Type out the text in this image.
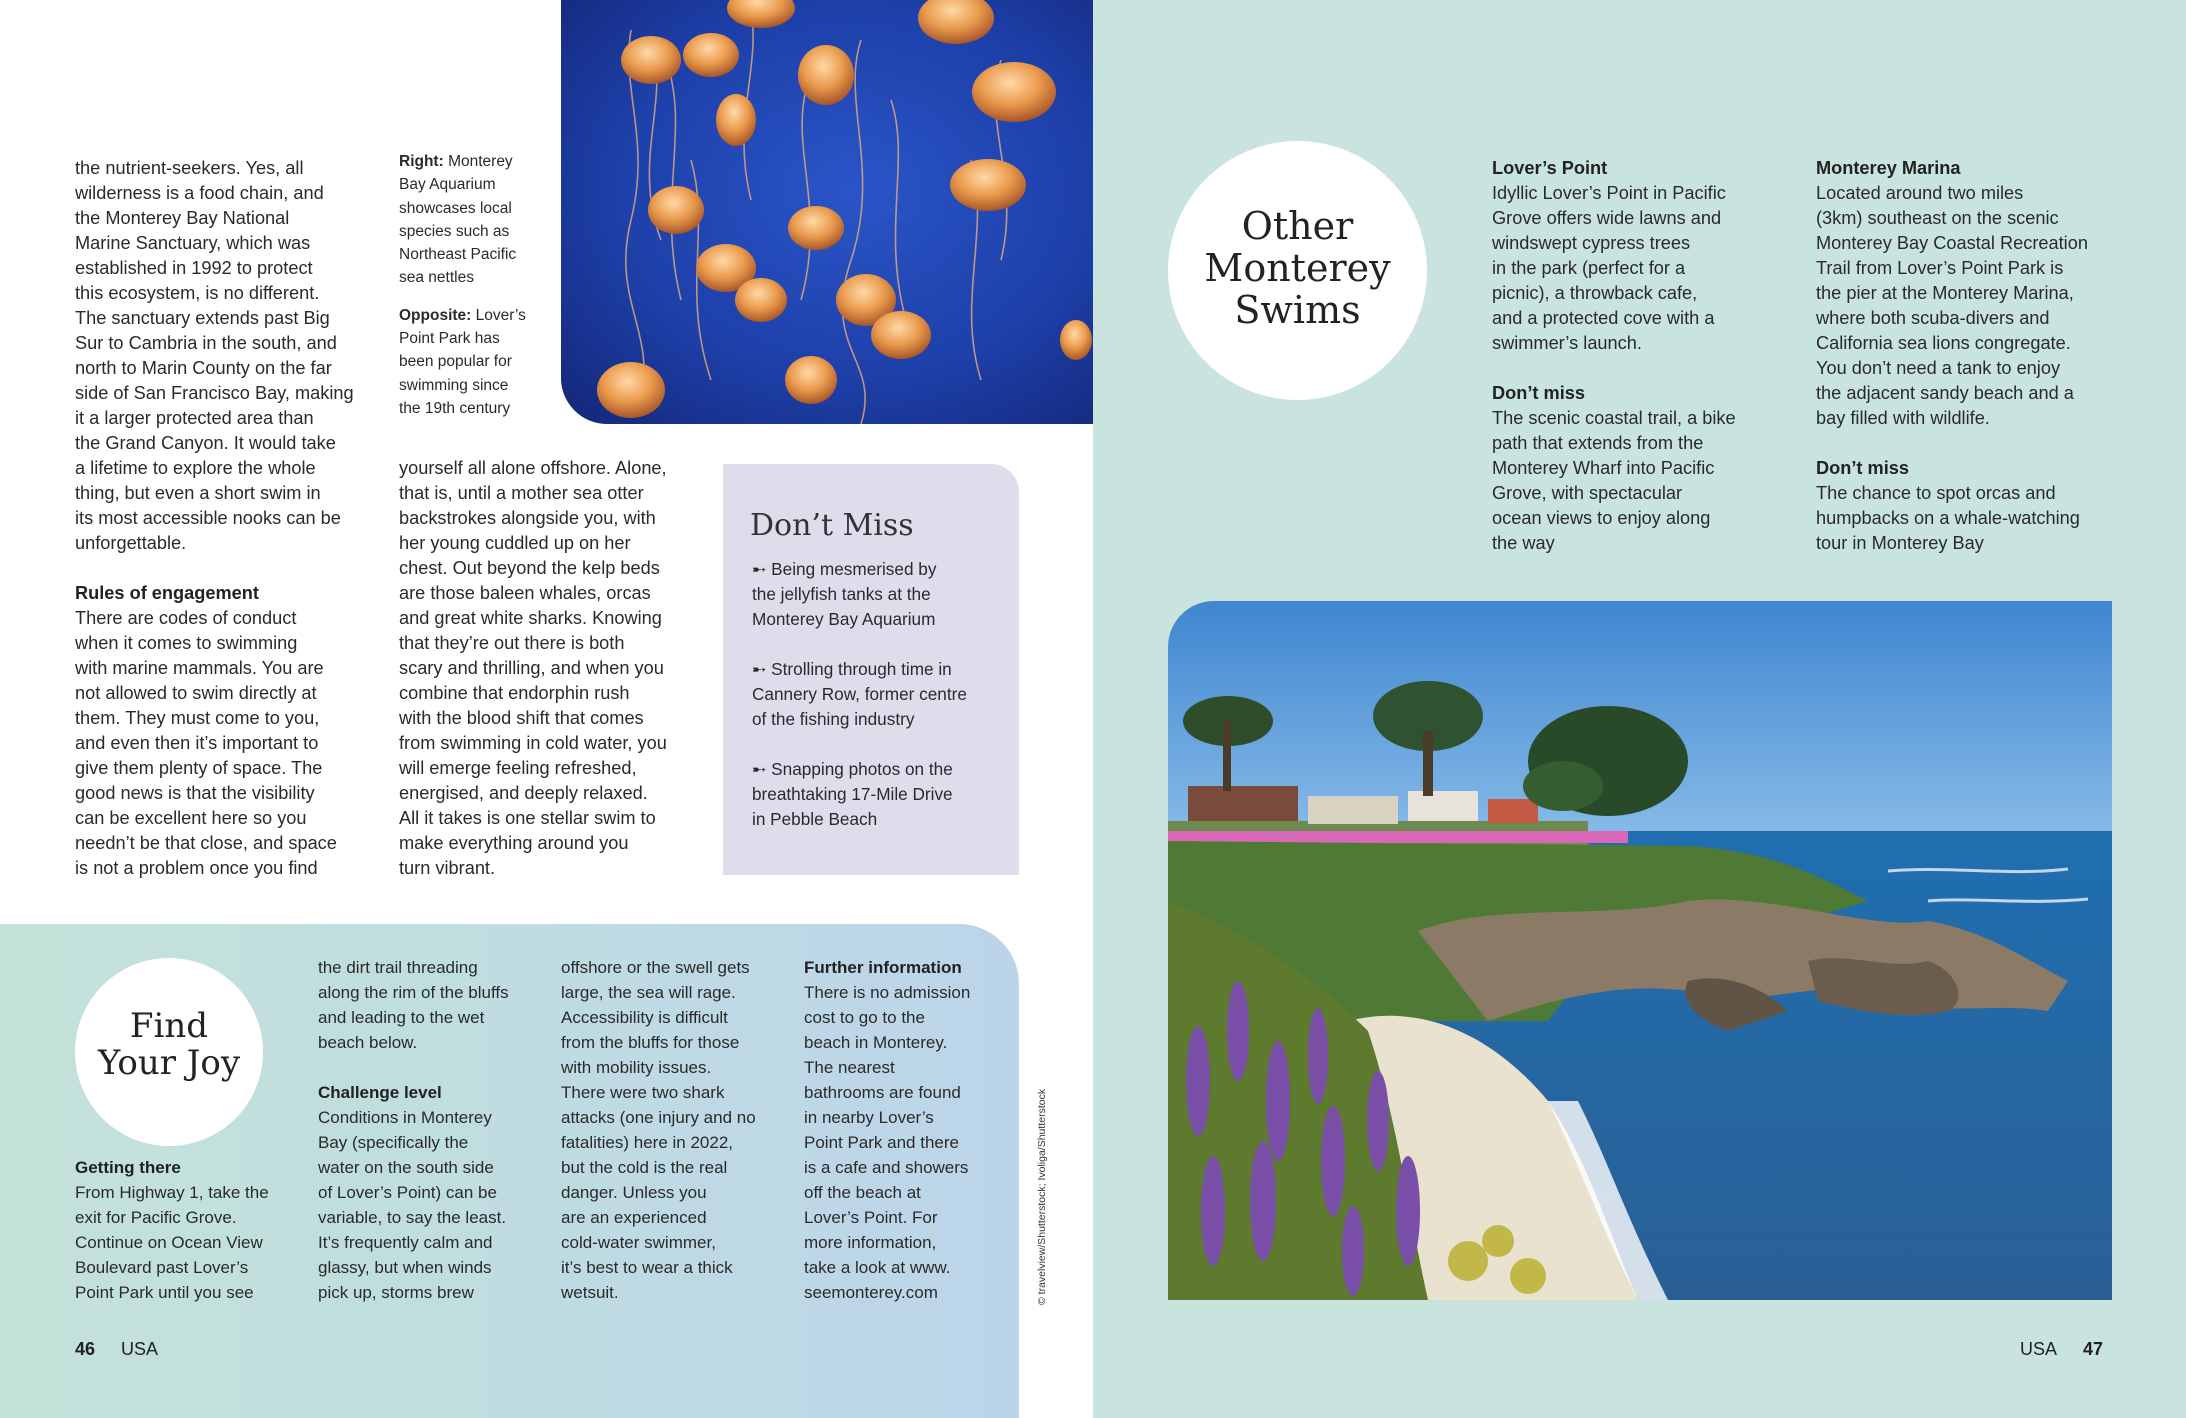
the nutrient-seekers. Yes, all
wilderness is a food chain, and
the Monterey Bay National
Marine Sanctuary, which was
established in 1992 to protect
this ecosystem, is no different.
The sanctuary extends past Big
Sur to Cambria in the south, and
north to Marin County on the far
side of San Francisco Bay, making
it a larger protected area than
the Grand Canyon. It would take
a lifetime to explore the whole
thing, but even a short swim in
its most accessible nooks can be
unforgettable.

Rules of engagement

There are codes of conduct
when it comes to swimming
with marine mammals. You are
not allowed to swim directly at
them. They must come to you,
and even then it’s important to
give them plenty of space. The
good news is that the visibility
can be excellent here so you
needn’t be that close, and space
is not a problem once you find
Right: Monterey
Bay Aquarium
showcases local
species such as
Northeast Pacific
sea nettles
Opposite: Lover’s
Point Park has
been popular for
swimming since
the 19th century
yourself all alone offshore. Alone,
that is, until a mother sea otter
backstrokes alongside you, with
her young cuddled up on her
chest. Out beyond the kelp beds
are those baleen whales, orcas
and great white sharks. Knowing
that they’re out there is both
scary and thrilling, and when you
combine that endorphin rush
with the blood shift that comes
from swimming in cold water, you
will emerge feeling refreshed,
energised, and deeply relaxed.
All it takes is one stellar swim to
make everything around you
turn vibrant.
Don’t Miss
➸ Being mesmerised by
the jellyfish tanks at the
Monterey Bay Aquarium
➸ Strolling through time in
Cannery Row, former centre
of the fishing industry
➸ Snapping photos on the
breathtaking 17-Mile Drive
in Pebble Beach
Find
Your Joy

Getting there

From Highway 1, take the
exit for Pacific Grove.
Continue on Ocean View
Boulevard past Lover’s
Point Park until you see
the dirt trail threading
along the rim of the bluffs
and leading to the wet
beach below.

Challenge level

Conditions in Monterey
Bay (specifically the
water on the south side
of Lover’s Point) can be
variable, to say the least.
It’s frequently calm and
glassy, but when winds
pick up, storms brew
offshore or the swell gets
large, the sea will rage.
Accessibility is difficult
from the bluffs for those
with mobility issues.
There were two shark
attacks (one injury and no
fatalities) here in 2022,
but the cold is the real
danger. Unless you
are an experienced
cold-water swimmer,
it’s best to wear a thick
wetsuit.

Further information

There is no admission
cost to go to the
beach in Monterey.
The nearest
bathrooms are found
in nearby Lover’s
Point Park and there
is a cafe and showers
off the beach at
Lover’s Point. For
more information,
take a look at www.
seemonterey.com	© travelview/Shutterstock; Ivoliga/Shutterstock
46 USA
Other
Monterey
Swims

Lover’s Point

Idyllic Lover’s Point in Pacific
Grove offers wide lawns and
windswept cypress trees
in the park (perfect for a
picnic), a throwback cafe,
and a protected cove with a
swimmer’s launch.

Don’t miss

The scenic coastal trail, a bike
path that extends from the
Monterey Wharf into Pacific
Grove, with spectacular
ocean views to enjoy along
the way

Monterey Marina

Located around two miles
(3km) southeast on the scenic
Monterey Bay Coastal Recreation
Trail from Lover’s Point Park is
the pier at the Monterey Marina,
where both scuba-divers and
California sea lions congregate.
You don’t need a tank to enjoy
the adjacent sandy beach and a
bay filled with wildlife.

Don’t miss

The chance to spot orcas and
humpbacks on a whale-watching
tour in Monterey Bay
USA 47
